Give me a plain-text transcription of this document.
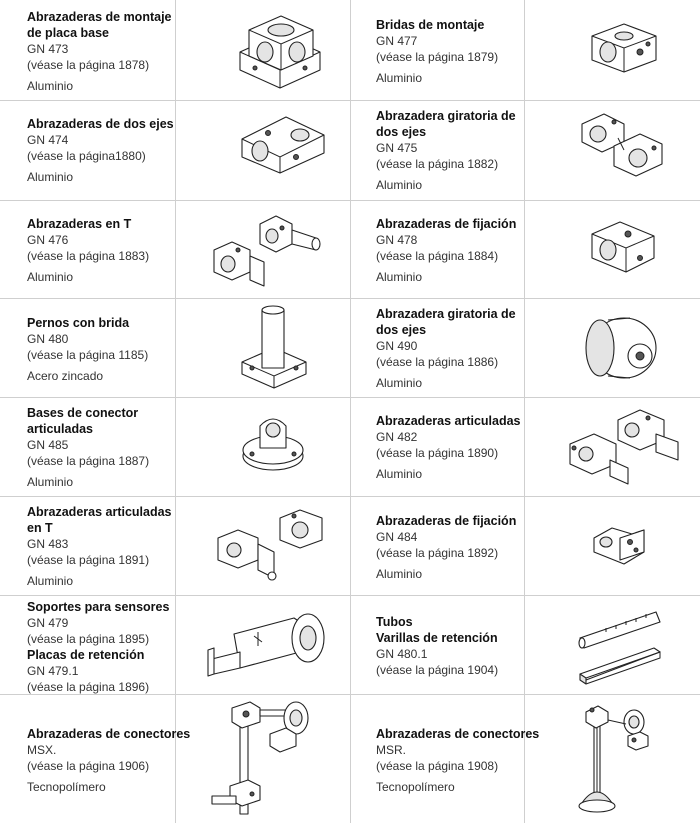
Abrazaderas de montaje
de placa base
GN 473
(véase la página 1878)
Aluminio
Bridas de montaje
GN 477
(véase la página 1879)
Aluminio
Abrazaderas de dos ejes
GN 474
(véase la página1880)
Aluminio
Abrazadera giratoria de
dos ejes
GN 475
(véase la página 1882)
Aluminio
Abrazaderas en T
GN 476
(véase la página 1883)
Aluminio
Abrazaderas de fijación
GN 478
(véase la página 1884)
Aluminio
Pernos con brida
GN 480
(véase la página 1185)
Acero zincado
Abrazadera giratoria de
dos ejes
GN 490
(véase la página 1886)
Aluminio
Bases de conector
articuladas
GN 485
(véase la página 1887)
Aluminio
Abrazaderas articuladas
GN 482
(véase la página 1890)
Aluminio
Abrazaderas articuladas
en T
GN 483
(véase la página 1891)
Aluminio
Abrazaderas de fijación
GN 484
(véase la página 1892)
Aluminio
Soportes para sensores
GN 479
(véase la página 1895)
Placas de retención
GN 479.1
(véase la página 1896)
Tubos
Varillas de retención
GN 480.1
(véase la página 1904)
Abrazaderas de conectores
MSX.
(véase la página 1906)
Tecnopolímero
Abrazaderas de conectores
MSR.
(véase la página 1908)
Tecnopolímero
